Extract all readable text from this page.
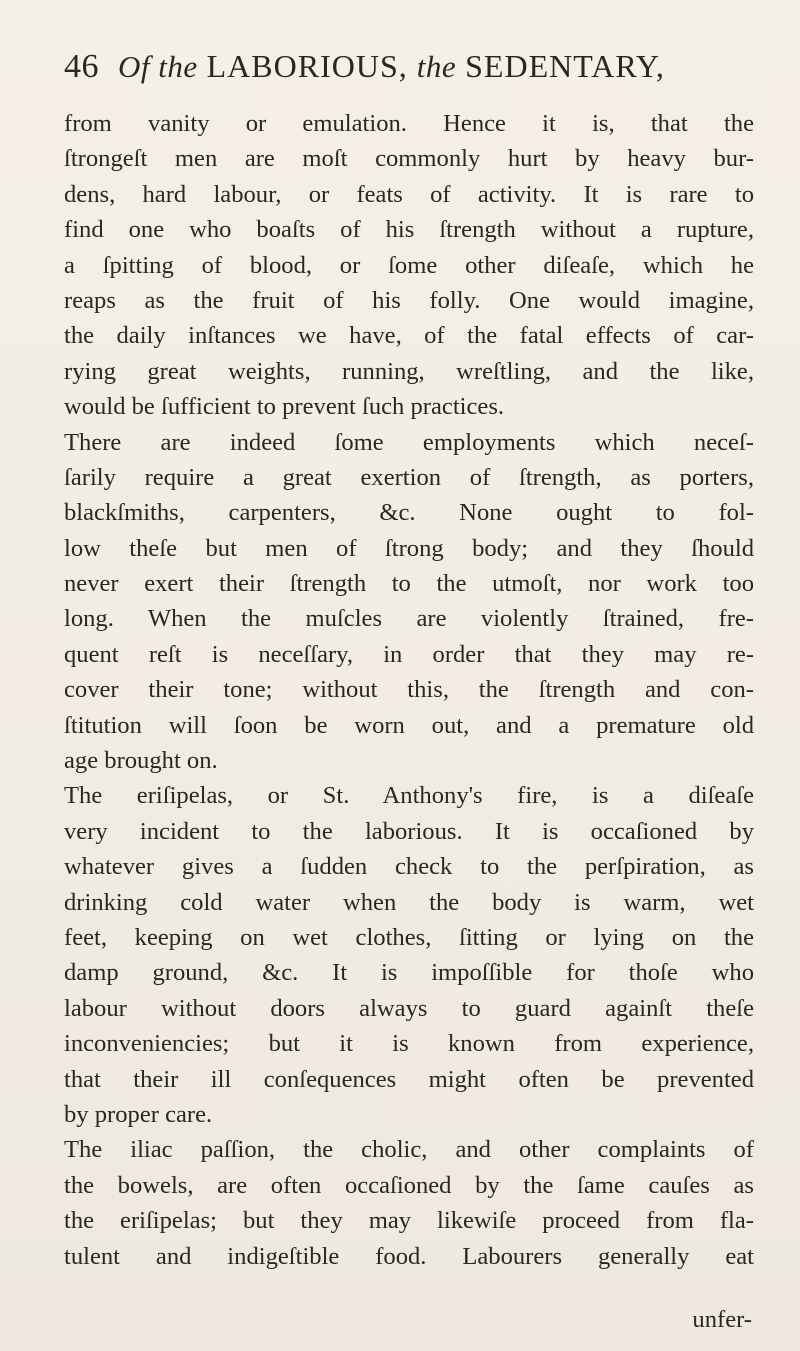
46 Of the LABORIOUS, the SEDENTARY,
from vanity or emulation. Hence it is, that the
ſtrongeſt men are moſt commonly hurt by heavy bur-
dens, hard labour, or feats of activity. It is rare to
find one who boaſts of his ſtrength without a rupture,
a ſpitting of blood, or ſome other diſeaſe, which he
reaps as the fruit of his folly. One would imagine,
the daily inſtances we have, of the fatal effects of car-
rying great weights, running, wreſtling, and the like,
would be ſufficient to prevent ſuch practices.
There are indeed ſome employments which neceſ-
ſarily require a great exertion of ſtrength, as porters,
blackſmiths, carpenters, &c. None ought to fol-
low theſe but men of ſtrong body; and they ſhould
never exert their ſtrength to the utmoſt, nor work too
long. When the muſcles are violently ſtrained, fre-
quent reſt is neceſſary, in order that they may re-
cover their tone; without this, the ſtrength and con-
ſtitution will ſoon be worn out, and a premature old
age brought on.
The eriſipelas, or St. Anthony's fire, is a diſeaſe
very incident to the laborious. It is occaſioned by
whatever gives a ſudden check to the perſpiration, as
drinking cold water when the body is warm, wet
feet, keeping on wet clothes, ſitting or lying on the
damp ground, &c. It is impoſſible for thoſe who
labour without doors always to guard againſt theſe
inconveniencies; but it is known from experience,
that their ill conſequences might often be prevented
by proper care.
The iliac paſſion, the cholic, and other complaints of
the bowels, are often occaſioned by the ſame cauſes as
the eriſipelas; but they may likewiſe proceed from fla-
tulent and indigeſtible food. Labourers generally eat
unfer-
